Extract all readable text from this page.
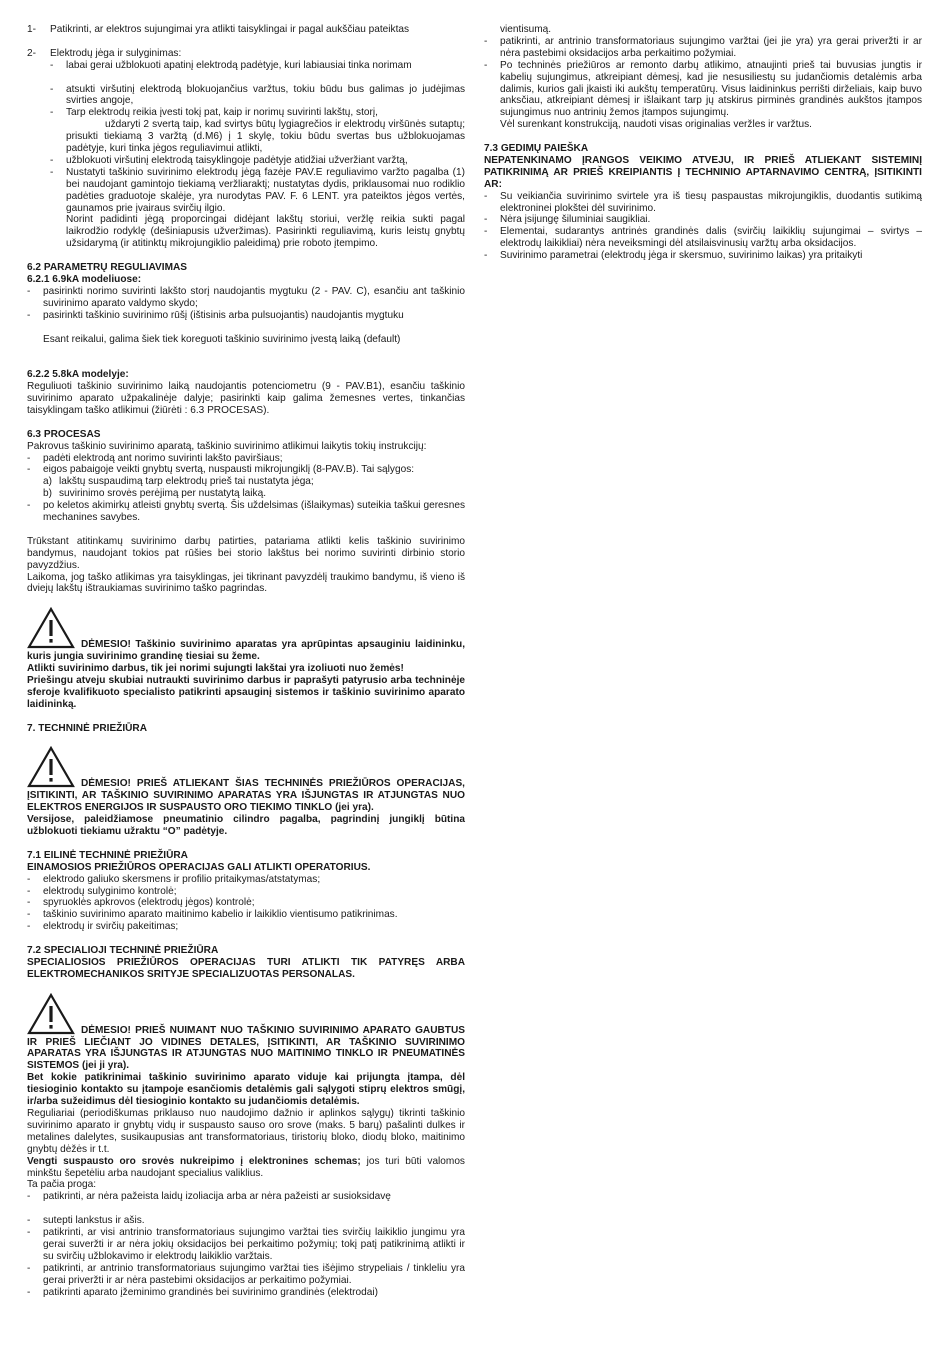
1-	Patikrinti, ar elektros sujungimai yra atlikti taisyklingai ir pagal aukščiau pateiktas
2-	Elektrodų jėga ir sulyginimas:
-	labai gerai užblokuoti apatinį elektrodą padėtyje, kuri labiausiai tinka norimam
-	atsukti viršutinį elektrodą blokuojančius varžtus, tokiu būdu bus galimas jo judėjimas svirties angoje,
-	Tarp elektrodų reikia įvesti tokį pat, kaip ir norimų suvirinti lakštų, storį,

uždaryti 2 svertą taip, kad svirtys būtų lygiagrečios ir elektrodų viršūnės sutaptų; prisukti tiekiamą 3 varžtą (d.M6) į 1 skylę, tokiu būdu svertas bus užblokuojamas padėtyje, kuri tinka jėgos reguliavimui atlikti,

-	užblokuoti viršutinį elektrodą taisyklingoje padėtyje atidžiai užveržiant varžtą,
-	Nustatyti taškinio suvirinimo elektrodų jėgą fazėje PAV.E reguliavimo varžto pagalba (1) bei naudojant gamintojo tiekiamą veržliaraktį; nustatytas dydis, priklausomai nuo rodiklio padėties graduotoje skalėje, yra nurodytas PAV. F. 6 LENT. yra pateiktos jėgos vertės, gaunamos prie įvairaus svirčių ilgio.

Norint padidinti jėgą proporcingai didėjant lakštų storiui, veržlę reikia sukti pagal laikrodžio rodyklę (dešiniapusis užveržimas). Pasirinkti reguliavimą, kuris leistų gnybtų užsidarymą (ir atitinktų mikrojungiklio paleidimą) prie roboto įtempimo.

6.2 PARAMETRŲ REGULIAVIMAS

6.2.1 6.9kA modeliuose:

-	pasirinkti norimo suvirinti lakšto storį naudojantis mygtuku (2 - PAV. C), esančiu ant taškinio suvirinimo aparato valdymo skydo;
-	pasirinkti taškinio suvirinimo rūšį (ištisinis arba pulsuojantis) naudojantis mygtuku

Esant reikalui, galima šiek tiek koreguoti taškinio suvirinimo įvestą laiką (default)

6.2.2 5.8kA modelyje:

Reguliuoti taškinio suvirinimo laiką naudojantis potenciometru (9 - PAV.B1), esančiu taškinio suvirinimo aparato užpakalinėje dalyje; pasirinkti kaip galima žemesnes vertes, tinkančias taisyklingam taško atlikimui (žiūrėti : 6.3 PROCESAS).

6.3 PROCESAS

Pakrovus taškinio suvirinimo aparatą, taškinio suvirinimo atlikimui laikytis tokių instrukcijų:

-	padėti elektrodą ant norimo suvirinti lakšto paviršiaus;
-	eigos pabaigoje veikti gnybtų svertą, nuspausti mikrojungiklį (8-PAV.B). Tai sąlygos:
a) lakštų suspaudimą tarp elektrodų prieš tai nustatyta jėga;
b) suvirinimo srovės perėjimą per nustatytą laiką.
-	po keletos akimirkų atleisti gnybtų svertą. Šis uždelsimas (išlaikymas) suteikia taškui geresnes mechanines savybes.

Trūkstant atitinkamų suvirinimo darbų patirties, patariama atlikti kelis taškinio suvirinimo bandymus, naudojant tokios pat rūšies bei storio lakštus bei norimo suvirinti dirbinio storio pavyzdžius.

Laikoma, jog taško atlikimas yra taisyklingas, jei tikrinant pavyzdėlį traukimo bandymu, iš vieno iš dviejų lakštų ištraukiamas suvirinimo taško pagrindas.

DĖMESIO! Taškinio suvirinimo aparatas yra aprūpintas apsauginiu laidininku, kuris jungia suvirinimo grandinę tiesiai su žeme.

Atlikti suvirinimo darbus, tik jei norimi sujungti lakštai yra izoliuoti nuo žemės!

Priešingu atveju skubiai nutraukti suvirinimo darbus ir paprašyti patyrusio arba techninėje sferoje kvalifikuoto specialisto patikrinti apsauginį sistemos ir taškinio suvirinimo aparato laidininką.

7. TECHNINĖ PRIEŽIŪRA

DĖMESIO! PRIEŠ ATLIEKANT ŠIAS TECHNINĖS PRIEŽIŪROS OPERACIJAS, ĮSITIKINTI, AR TAŠKINIO SUVIRINIMO APARATAS YRA IŠJUNGTAS IR ATJUNGTAS NUO ELEKTROS ENERGIJOS IR SUSPAUSTO ORO TIEKIMO TINKLO (jei yra).

Versijose, paleidžiamose pneumatinio cilindro pagalba, pagrindinį jungiklį būtina užblokuoti tiekiamu užraktu “O” padėtyje.

7.1 EILINĖ TECHNINĖ PRIEŽIŪRA

EINAMOSIOS PRIEŽIŪROS OPERACIJAS GALI ATLIKTI OPERATORIUS.

-	elektrodo galiuko skersmens ir profilio pritaikymas/atstatymas;
-	elektrodų sulyginimo kontrolė;
-	spyruoklės apkrovos (elektrodų jėgos) kontrolė;
-	taškinio suvirinimo aparato maitinimo kabelio ir laikiklio vientisumo patikrinimas.
-	elektrodų ir svirčių pakeitimas;

7.2 SPECIALIOJI TECHNINĖ PRIEŽIŪRA

SPECIALIOSIOS PRIEŽIŪROS OPERACIJAS TURI ATLIKTI TIK PATYRĘS ARBA ELEKTROMECHANIKOS SRITYJE SPECIALIZUOTAS PERSONALAS.

DĖMESIO! PRIEŠ NUIMANT NUO TAŠKINIO SUVIRINIMO APARATO GAUBTUS IR PRIEŠ LIEČIANT JO VIDINES DETALES, ĮSITIKINTI, AR TAŠKINIO SUVIRINIMO APARATAS YRA IŠJUNGTAS IR ATJUNGTAS NUO MAITINIMO TINKLO IR PNEUMATINĖS SISTEMOS (jei ji yra).

Bet kokie patikrinimai taškinio suvirinimo aparato viduje kai prijungta įtampa, dėl tiesioginio kontakto su įtampoje esančiomis detalėmis gali sąlygoti stiprų elektros smūgį, ir/arba sužeidimus dėl tiesioginio kontakto su judančiomis detalėmis.

Reguliariai (periodiškumas priklauso nuo naudojimo dažnio ir aplinkos sąlygų) tikrinti taškinio suvirinimo aparato ir gnybtų vidų ir suspausto sauso oro srove (maks. 5 barų) pašalinti dulkes ir metalines dalelytes, susikaupusias ant transformatoriaus, tiristorių bloko, diodų bloko, maitinimo gnybtų dėžės ir t.t.

Vengti suspausto oro srovės nukreipimo į elektronines schemas; jos turi būti valomos minkštu šepetėliu arba naudojant specialius valiklius.

Ta pačia proga:

-	patikrinti, ar nėra pažeista laidų izoliacija arba ar nėra pažeisti ar susioksidavę
-	sutepti lankstus ir ašis.
-	patikrinti, ar visi antrinio transformatoriaus sujungimo varžtai ties svirčių laikiklio jungimu yra gerai suveržti ir ar nėra jokių oksidacijos bei perkaitimo požymių; tokį patį patikrinimą atlikti ir su svirčių užblokavimo ir elektrodų laikiklio varžtais.
-	patikrinti, ar antrinio transformatoriaus sujungimo varžtai ties išėjimo strypeliais / tinkleliu yra gerai priveržti ir ar nėra pastebimi oksidacijos ar perkaitimo požymiai.
-	patikrinti aparato įžeminimo grandinės bei suvirinimo grandinės (elektrodai)

vientisumą.

-	patikrinti, ar antrinio transformatoriaus sujungimo varžtai (jei jie yra) yra gerai priveržti ir ar nėra pastebimi oksidacijos arba perkaitimo požymiai.
-	Po techninės priežiūros ar remonto darbų atlikimo, atnaujinti prieš tai buvusias jungtis ir kabelių sujungimus, atkreipiant dėmesį, kad jie nesusiliestų su judančiomis detalėmis arba dalimis, kurios gali įkaisti iki aukštų temperatūrų. Visus laidininkus perrišti dirželiais, kaip buvo anksčiau, atkreipiant dėmesį ir išlaikant tarp jų atskirus pirminės grandinės aukštos įtampos sujungimus nuo antrinių žemos įtampos sujungimų.

Vėl surenkant konstrukciją, naudoti visas originalias veržles ir varžtus.

7.3 GEDIMŲ PAIEŠKA

NEPATENKINAMO ĮRANGOS VEIKIMO ATVEJU, IR PRIEŠ ATLIEKANT SISTEMINĮ PATIKRINIMĄ AR PRIEŠ KREIPIANTIS Į TECHNINIO APTARNAVIMO CENTRĄ, ĮSITIKINTI AR:

-	Su veikiančia suvirinimo svirtele yra iš tiesų paspaustas mikrojungiklis, duodantis sutikimą elektroninei plokštei dėl suvirinimo.
-	Nėra įsijungę šiluminiai saugikliai.
-	Elementai, sudarantys antrinės grandinės dalis (svirčių laikiklių sujungimai – svirtys – elektrodų laikikliai) nėra neveiksmingi dėl atsilaisvinusių varžtų arba oksidacijos.
-	Suvirinimo parametrai (elektrodų jėga ir skersmuo, suvirinimo laikas) yra pritaikyti
